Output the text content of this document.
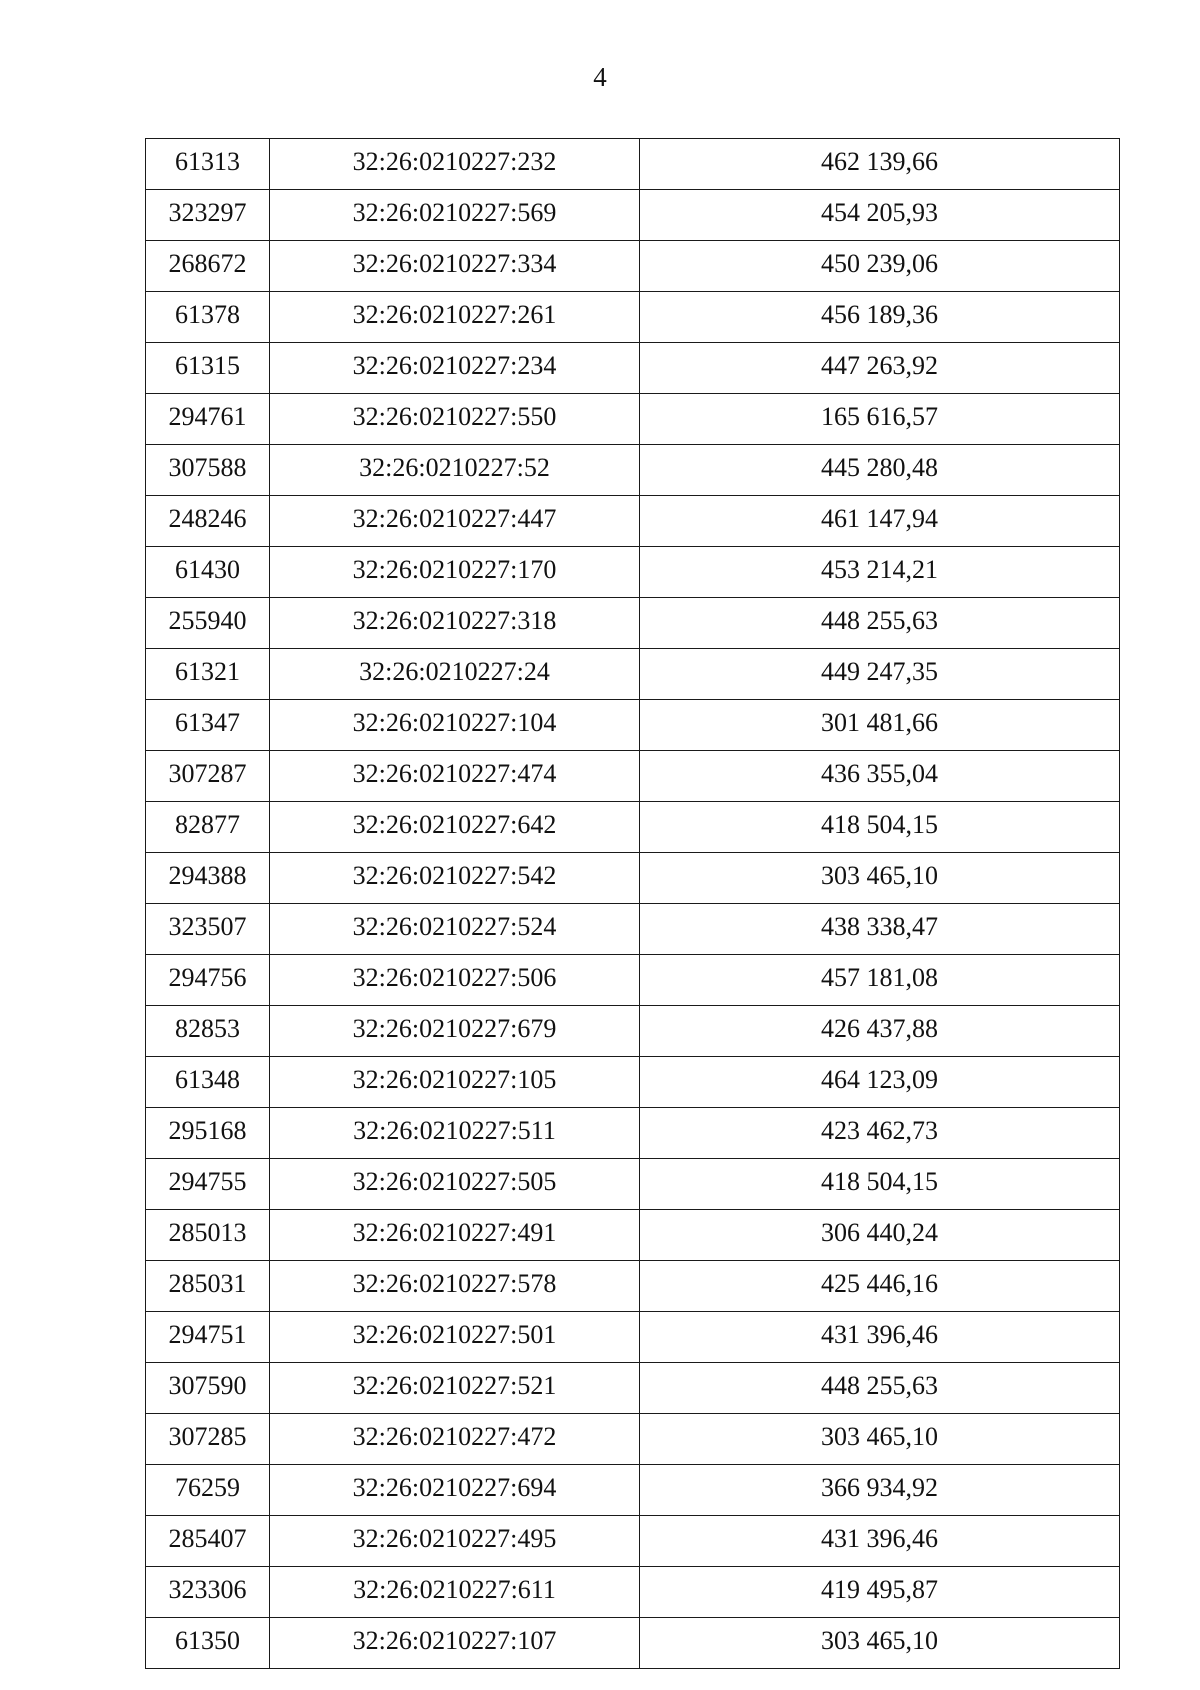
4
61313	32:26:0210227:232	462 139,66
323297	32:26:0210227:569	454 205,93
268672	32:26:0210227:334	450 239,06
61378	32:26:0210227:261	456 189,36
61315	32:26:0210227:234	447 263,92
294761	32:26:0210227:550	165 616,57
307588	32:26:0210227:52	445 280,48
248246	32:26:0210227:447	461 147,94
61430	32:26:0210227:170	453 214,21
255940	32:26:0210227:318	448 255,63
61321	32:26:0210227:24	449 247,35
61347	32:26:0210227:104	301 481,66
307287	32:26:0210227:474	436 355,04
82877	32:26:0210227:642	418 504,15
294388	32:26:0210227:542	303 465,10
323507	32:26:0210227:524	438 338,47
294756	32:26:0210227:506	457 181,08
82853	32:26:0210227:679	426 437,88
61348	32:26:0210227:105	464 123,09
295168	32:26:0210227:511	423 462,73
294755	32:26:0210227:505	418 504,15
285013	32:26:0210227:491	306 440,24
285031	32:26:0210227:578	425 446,16
294751	32:26:0210227:501	431 396,46
307590	32:26:0210227:521	448 255,63
307285	32:26:0210227:472	303 465,10
76259	32:26:0210227:694	366 934,92
285407	32:26:0210227:495	431 396,46
323306	32:26:0210227:611	419 495,87
61350	32:26:0210227:107	303 465,10
